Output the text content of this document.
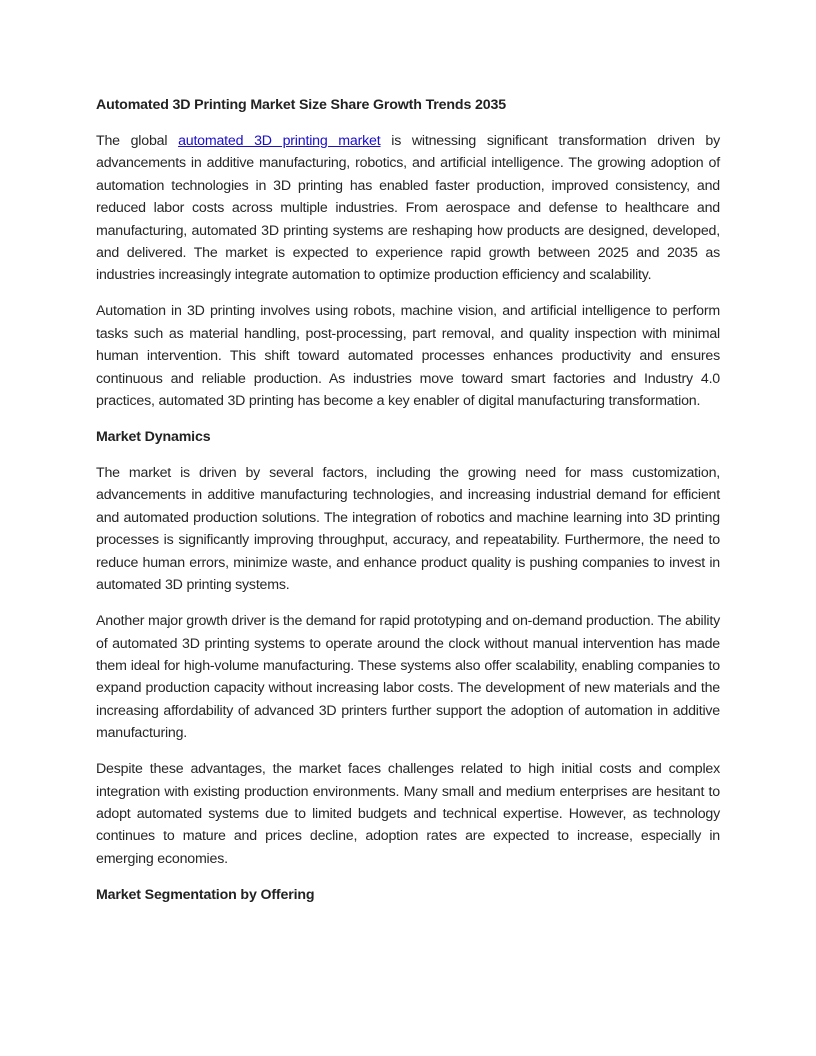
Automated 3D Printing Market Size Share Growth Trends 2035

The global automated 3D printing market is witnessing significant transformation driven by advancements in additive manufacturing, robotics, and artificial intelligence. The growing adoption of automation technologies in 3D printing has enabled faster production, improved consistency, and reduced labor costs across multiple industries. From aerospace and defense to healthcare and manufacturing, automated 3D printing systems are reshaping how products are designed, developed, and delivered. The market is expected to experience rapid growth between 2025 and 2035 as industries increasingly integrate automation to optimize production efficiency and scalability.

Automation in 3D printing involves using robots, machine vision, and artificial intelligence to perform tasks such as material handling, post-processing, part removal, and quality inspection with minimal human intervention. This shift toward automated processes enhances productivity and ensures continuous and reliable production. As industries move toward smart factories and Industry 4.0 practices, automated 3D printing has become a key enabler of digital manufacturing transformation.

Market Dynamics

The market is driven by several factors, including the growing need for mass customization, advancements in additive manufacturing technologies, and increasing industrial demand for efficient and automated production solutions. The integration of robotics and machine learning into 3D printing processes is significantly improving throughput, accuracy, and repeatability. Furthermore, the need to reduce human errors, minimize waste, and enhance product quality is pushing companies to invest in automated 3D printing systems.

Another major growth driver is the demand for rapid prototyping and on-demand production. The ability of automated 3D printing systems to operate around the clock without manual intervention has made them ideal for high-volume manufacturing. These systems also offer scalability, enabling companies to expand production capacity without increasing labor costs. The development of new materials and the increasing affordability of advanced 3D printers further support the adoption of automation in additive manufacturing.

Despite these advantages, the market faces challenges related to high initial costs and complex integration with existing production environments. Many small and medium enterprises are hesitant to adopt automated systems due to limited budgets and technical expertise. However, as technology continues to mature and prices decline, adoption rates are expected to increase, especially in emerging economies.

Market Segmentation by Offering
